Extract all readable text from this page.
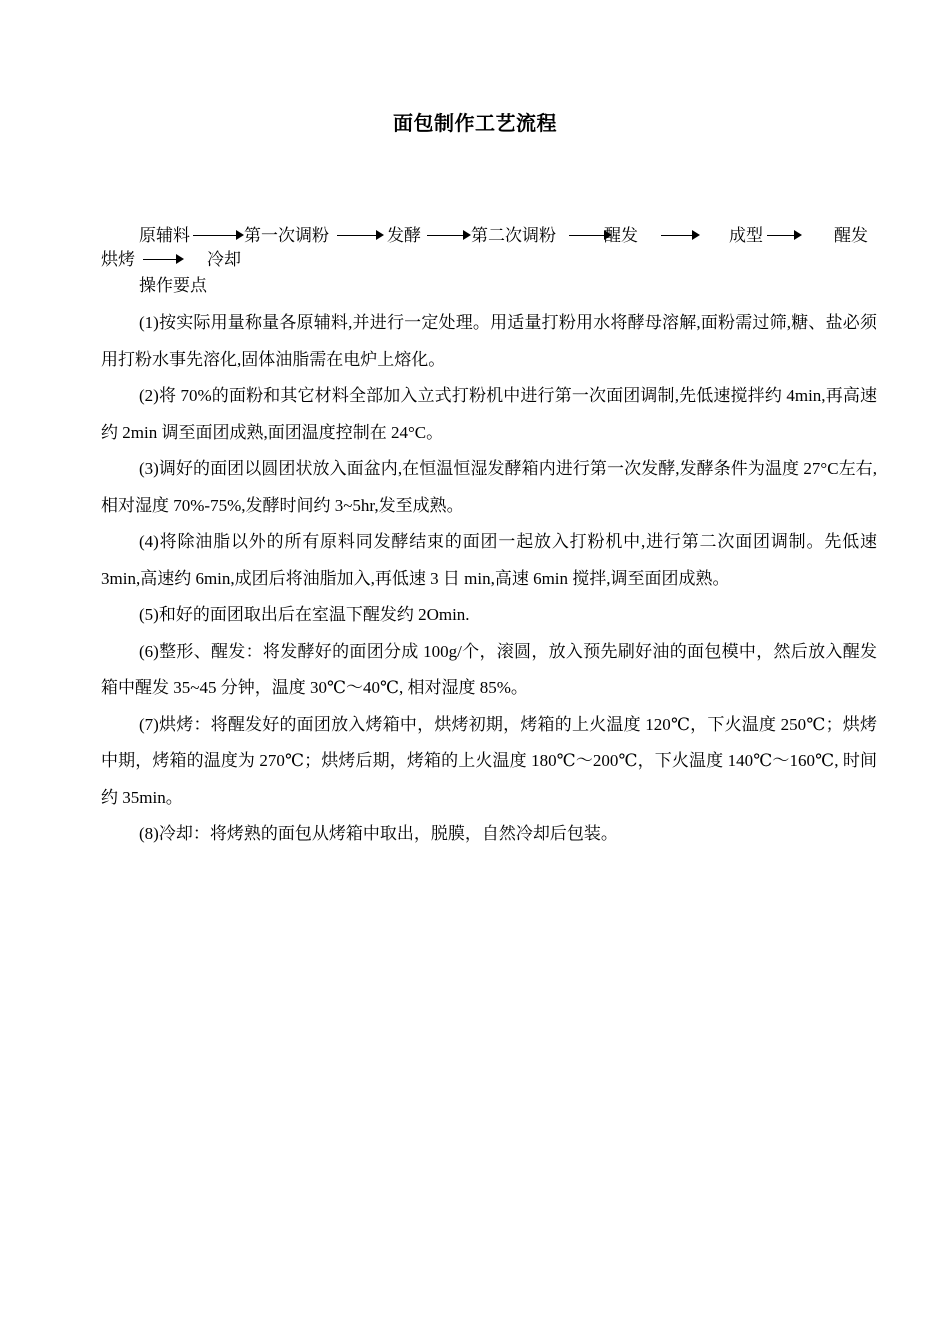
面包制作工艺流程
原辅料	第一次调粉	发酵	第二次调粉	醒发	成型	醒发
烘烤	冷却
操作要点

(1)按实际用量称量各原辅料,并进行一定处理。用适量打粉用水将酵母溶解,面粉需过筛,糖、盐必须用打粉水事先溶化,固体油脂需在电炉上熔化。

(2)将 70%的面粉和其它材料全部加入立式打粉机中进行第一次面团调制,先低速搅拌约 4min,再高速约 2min 调至面团成熟,面团温度控制在 24°C。

(3)调好的面团以圆团状放入面盆内,在恒温恒湿发酵箱内进行第一次发酵,发酵条件为温度 27°C左右,相对湿度 70%-75%,发酵时间约 3~5hr,发至成熟。

(4)将除油脂以外的所有原料同发酵结束的面团一起放入打粉机中,进行第二次面团调制。先低速 3min,高速约 6min,成团后将油脂加入,再低速 3 日 min,高速 6min 搅拌,调至面团成熟。

(5)和好的面团取出后在室温下醒发约 2Omin.

(6)整形、醒发：将发酵好的面团分成 100g/个，滚圆，放入预先刷好油的面包模中，然后放入醒发箱中醒发 35~45 分钟，温度 30℃～40℃, 相对湿度 85%。

(7)烘烤：将醒发好的面团放入烤箱中，烘烤初期，烤箱的上火温度 120℃，下火温度 250℃；烘烤中期，烤箱的温度为 270℃；烘烤后期，烤箱的上火温度 180℃～200℃，下火温度 140℃～160℃, 时间约 35min。

(8)冷却：将烤熟的面包从烤箱中取出，脱膜，自然冷却后包装。
